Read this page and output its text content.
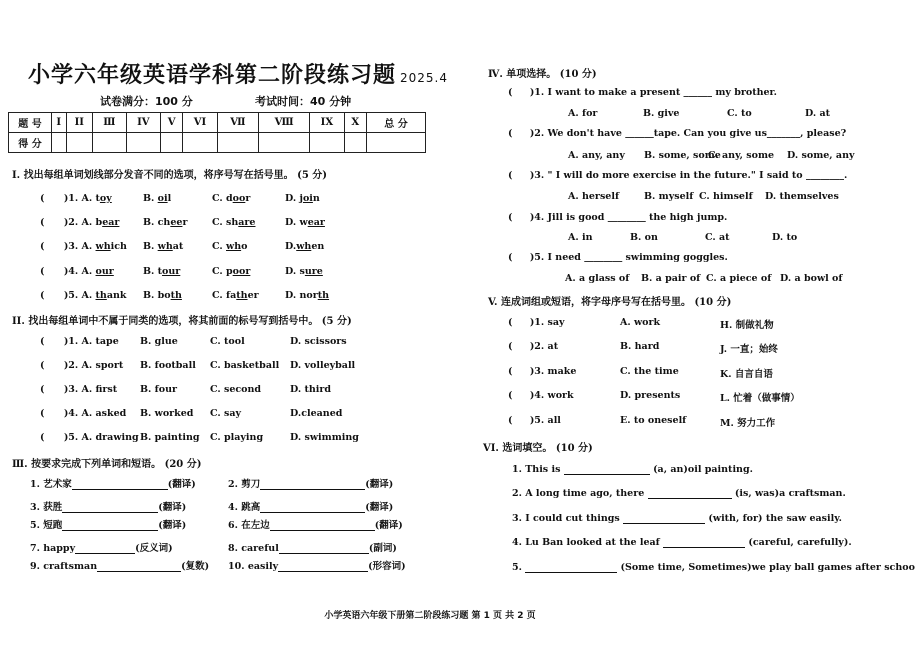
小学六年级英语学科第二阶段练习题 2025.4
试卷满分：100 分	考试时间：40 分钟
题 号	I	II	Ⅲ	IV	V	VI	Ⅶ	Ⅷ	IX	X	总 分
得 分											
I. 找出每组单词划线部分发音不同的选项，将序号写在括号里。 (5 分)
II. 找出每组单词中不属于同类的选项，将其前面的标号写到括号中。 (5 分)
Ⅲ. 按要求完成下列单词和短语。 (20 分)
Ⅳ. 单项选择。 (10 分)
V. 连成词组或短语，将字母序号写在括号里。 (10 分)
VI. 选词填空。 (10 分)
小学英语六年级下册第二阶段练习题 第 1 页 共 2 页
( )1. A. toy	B. oil	C. door	D. join
( )2. A. bear B. cheer	C. share	D. wear
( )3. A. which B. what	C. who	D.when
( )4. A. our	B. tour	C. poor	D. sure
( )5. A. thank B. both	C. father	D. north
( )1. A. tape B. glue	C. tool	D. scissors
( )2. A. sport B. football C. basketball D. volleyball
( )3. A. first B. four	C. second	D. third
( )4. A. asked B. worked C. say	D.cleaned
( )5. A. drawing B. painting C. playing	D. swimming
1. 艺术家	(翻译)	2. 剪刀	(翻译)
3. 获胜	(翻译)	4. 跳高	(翻译)
5. 短跑	(翻译)	6. 在左边	(翻译)
7. happy	(反义词)	8. careful	(副词)
9. craftsman	(复数) 10. easily	(形容词)
( )1. I want to make a present ______ my brother.
A. for	B. give	C. to	D. at
( )2. We don't have ______tape. Can you give us_______, please?
A. any, any B. some, some
C. any, some D. some, any
( )3. " I will do more exercise in the future." I said to ________.
A. herself	B. myself C. himself D. themselves
( )4. Jill is good ________ the high jump.
A. in	B. on	C. at	D. to
( )5. I need ________ swimming goggles.
A. a glass of B. a pair of C. a piece of D. a bowl of
( )1. say	A. work	H. 制做礼物
( )2. at	B. hard	J. 一直；始终
( )3. make	C. the time	K. 自言自语
( )4. work	D. presents	L. 忙着（做事情）
( )5. all	E. to oneself	M. 努力工作
1. This is	(a, an)oil painting.
2. A long time ago, there	(is, was)a craftsman.
3. I could cut things	(with, for) the saw easily.
4. Lu Ban looked at the leaf	(careful, carefully).
5.	(Some time, Sometimes)we play ball games after schoo
